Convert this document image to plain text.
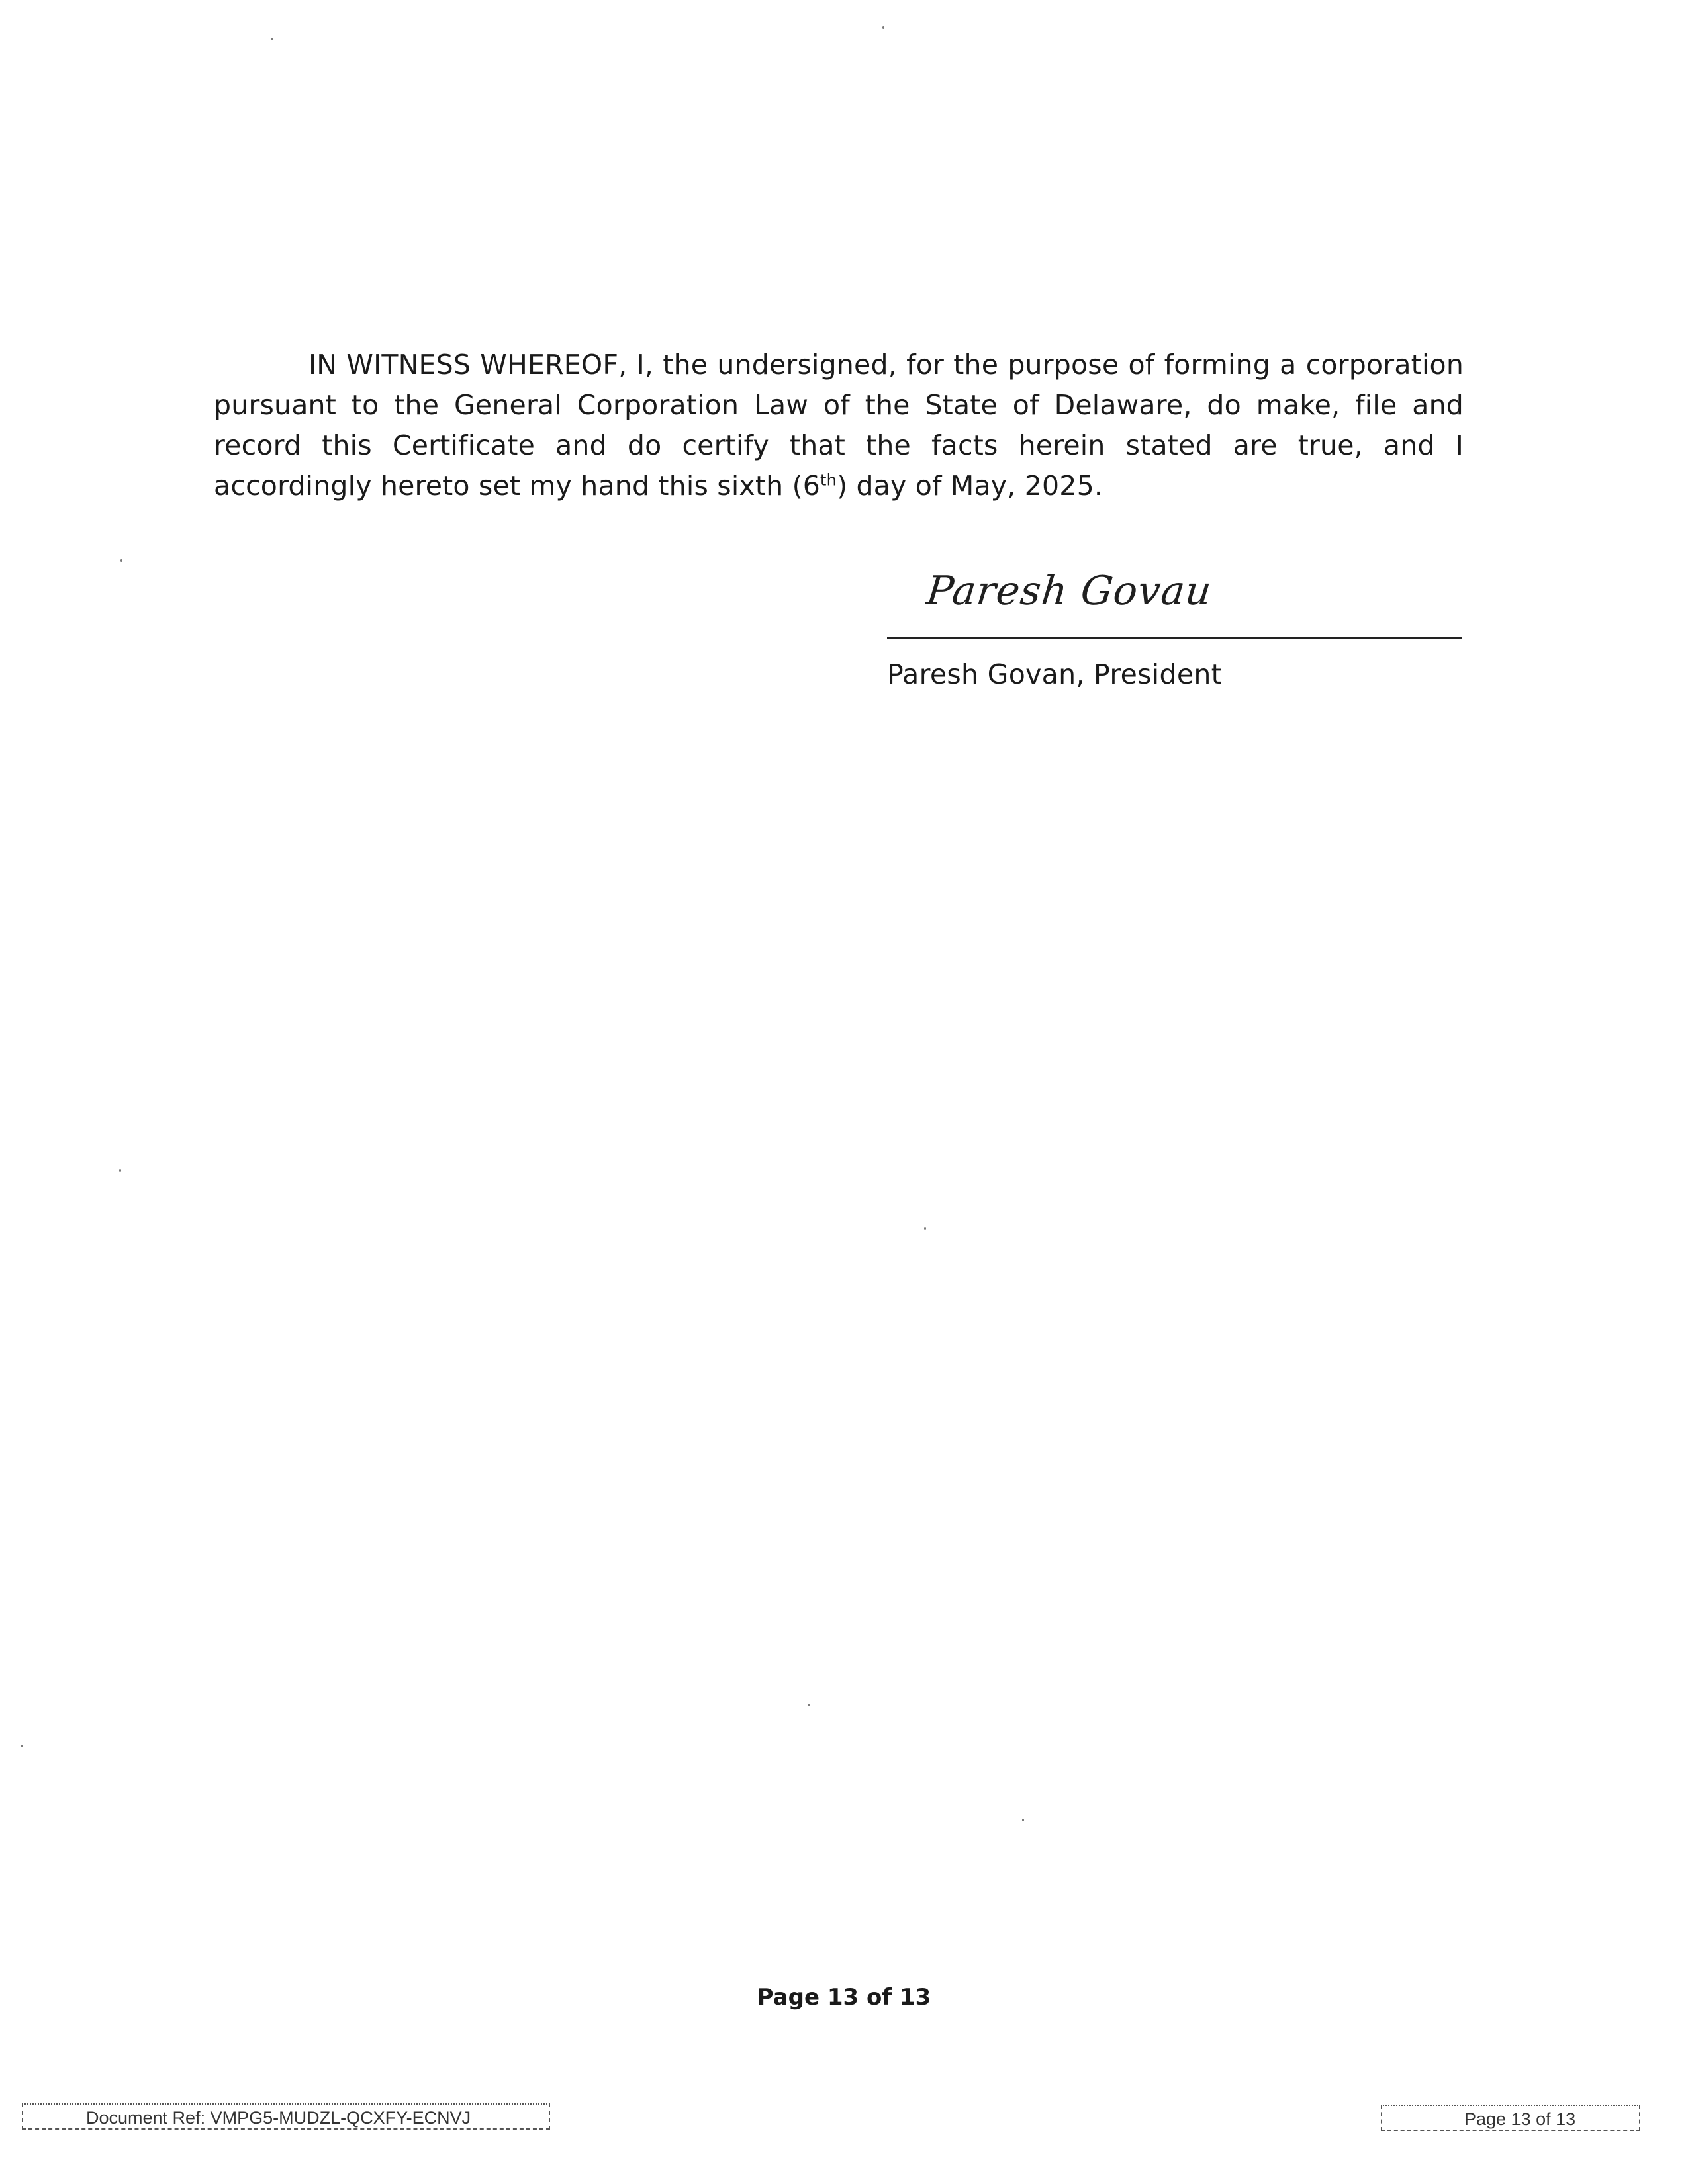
IN WITNESS WHEREOF, I, the undersigned, for the purpose of forming a corporation pursuant to the General Corporation Law of the State of Delaware, do make, file and record this Certificate and do certify that the facts herein stated are true, and I accordingly hereto set my hand this sixth (6th) day of May, 2025.

Paresh Govau
Paresh Govan, President
Page 13 of 13
Document Ref: VMPG5-MUDZL-QCXFY-ECNVJ	Page 13 of 13
